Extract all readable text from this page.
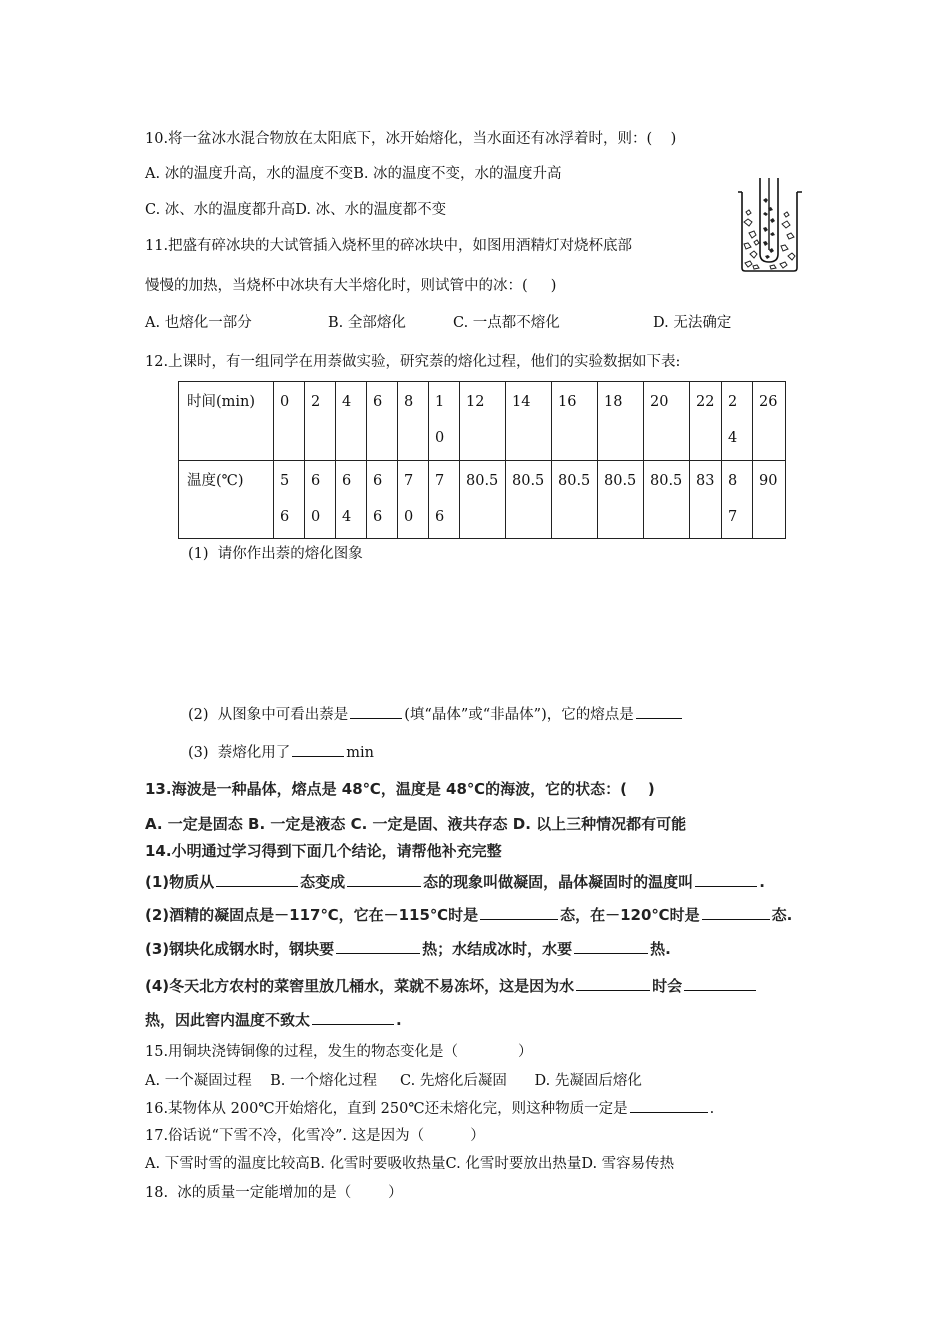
10.将一盆冰水混合物放在太阳底下，冰开始熔化，当水面还有冰浮着时，则：(    )
A. 冰的温度升高，水的温度不变B. 冰的温度不变，水的温度升高
C. 冰、水的温度都升高D. 冰、水的温度都不变
11.把盛有碎冰块的大试管插入烧杯里的碎冰块中，如图用酒精灯对烧杯底部
慢慢的加热，当烧杯中冰块有大半熔化时，则试管中的冰：(     )
A. 也熔化一部分	B. 全部熔化	C. 一点都不熔化	D. 无法确定
12.上课时，有一组同学在用萘做实验，研究萘的熔化过程，他们的实验数据如下表:
时间(min)	0	2	4	6	8	10	12	14	16	18	20	22	24	26
温度(℃)	56	60	64	66	70	76	80.5	80.5	80.5	80.5	80.5	83	87	90
(1)  请你作出萘的熔化图象
(2)  从图象中可看出萘是	(填“晶体”或“非晶体”)，它的熔点是
(3)  萘熔化用了	min
13.海波是一种晶体，熔点是 48℃，温度是 48℃的海波，它的状态：(    )
A. 一定是固态 B. 一定是液态 C. 一定是固、液共存态 D. 以上三种情况都有可能
14.小明通过学习得到下面几个结论，请帮他补充完整
(1)物质从	态变成	态的现象叫做凝固，晶体凝固时的温度叫	.
(2)酒精的凝固点是－117℃，它在－115℃时是	态，在－120℃时是	态.
(3)钢块化成钢水时，钢块要	热；水结成冰时，水要	热.
(4)冬天北方农村的菜窖里放几桶水，菜就不易冻坏，这是因为水	时会
热，因此窖内温度不致太	.
15.用铜块浇铸铜像的过程，发生的物态变化是（             ）
A. 一个凝固过程    B. 一个熔化过程     C. 先熔化后凝固      D. 先凝固后熔化
16.某物体从 200℃开始熔化，直到 250℃还未熔化完，则这种物质一定是	.
17.俗话说“下雪不冷，化雪冷”. 这是因为（          ）
A. 下雪时雪的温度比较高B. 化雪时要吸收热量C. 化雪时要放出热量D. 雪容易传热
18.  冰的质量一定能增加的是（        ）
